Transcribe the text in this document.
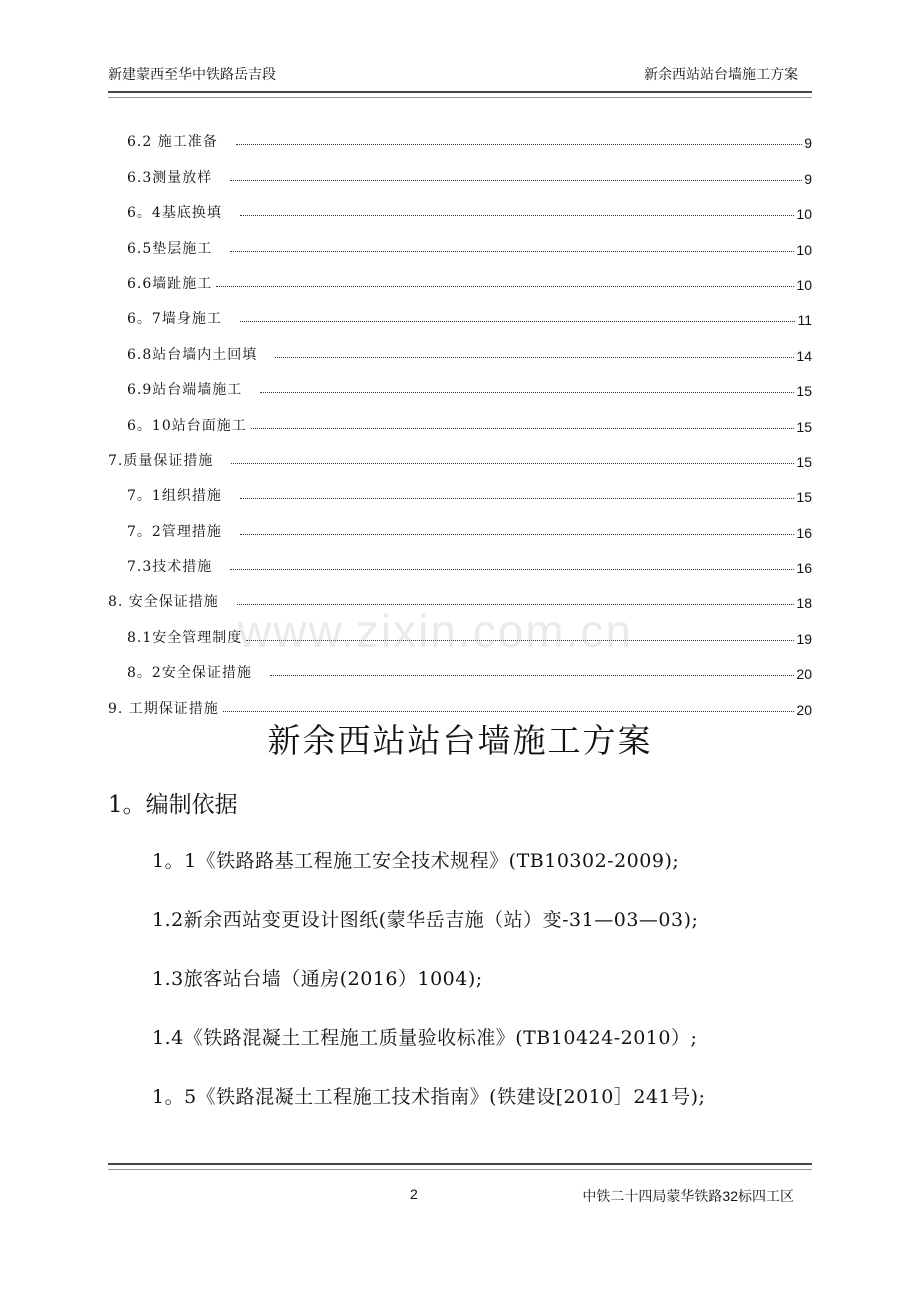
新建蒙西至华中铁路岳吉段	新余西站站台墙施工方案
6.2 施工准备	9
6.3测量放样	9
6。4基底换填	10
6.5垫层施工	10
6.6墙趾施工	10
6。7墙身施工	11
6.8站台墙内土回填	14
6.9站台端墙施工	15
6。10站台面施工	15
7.质量保证措施	15
7。1组织措施	15
7。2管理措施	16
7.3技术措施	16
8. 安全保证措施	18
8.1安全管理制度	19
8。2安全保证措施	20
9. 工期保证措施	20
www.zixin.com.cn
新余西站站台墙施工方案
1。编制依据
1。1《铁路路基工程施工安全技术规程》(TB10302-2009);
1.2新余西站变更设计图纸(蒙华岳吉施（站）变-31—03—03);
1.3旅客站台墙（通房(2016）1004);
1.4《铁路混凝土工程施工质量验收标准》(TB10424-2010）;
1。5《铁路混凝土工程施工技术指南》(铁建设[2010］241号);
2	中铁二十四局蒙华铁路32标四工区
